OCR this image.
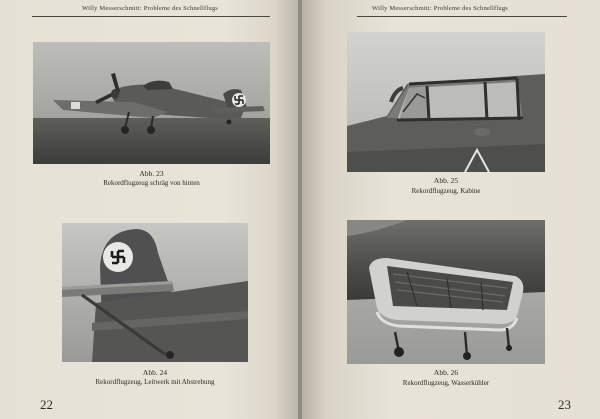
Willy Messerschmitt: Probleme des Schnellflugs
Abb. 23
Rekordflugzeug schräg von hinten
Abb. 24
Rekordflugzeug, Leitwerk mit Abstrebung
22
Willy Messerschmitt: Probleme des Schnellflugs
Abb. 25
Rekordflugzeug, Kabine
Abb. 26
Rekordflugzeug, Wasserkühler
23
